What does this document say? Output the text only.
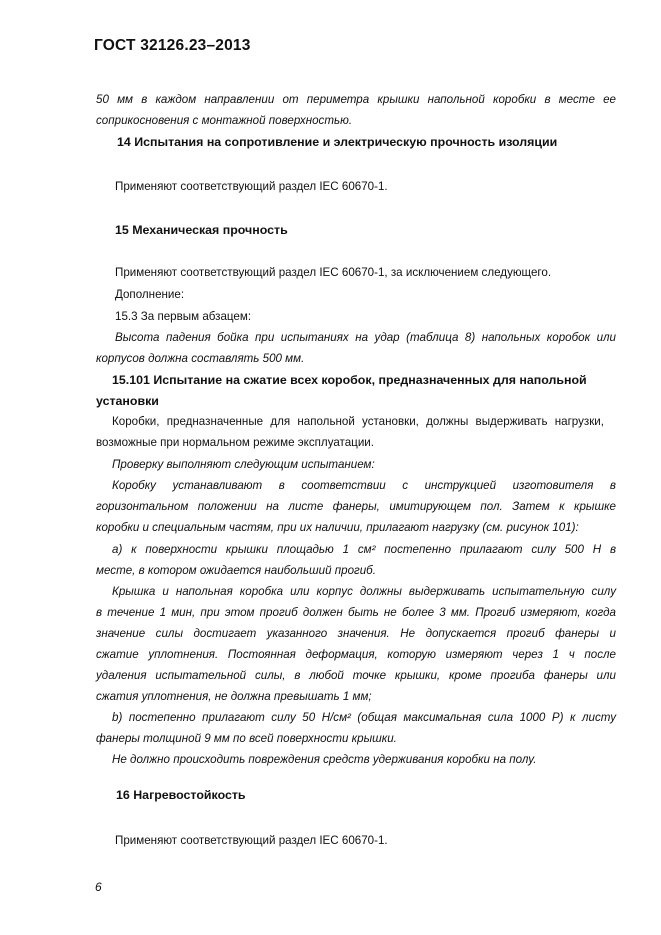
ГОСТ 32126.23–2013
50 мм в каждом направлении от периметра крышки напольной коробки в месте ее
соприкосновения с монтажной поверхностью.
14 Испытания на сопротивление и электрическую прочность изоляции
Применяют соответствующий раздел IEC 60670-1.
15 Механическая прочность
Применяют соответствующий раздел IEC 60670-1, за исключением следующего.
Дополнение:
15.3 За первым абзацем:
Высота падения бойка при испытаниях на удар (таблица 8) напольных коробок или
корпусов должна составлять 500 мм.
15.101 Испытание на сжатие всех коробок, предназначенных для напольной
установки
Коробки, предназначенные для напольной установки, должны выдерживать нагрузки,
возможные при нормальном режиме эксплуатации.
Проверку выполняют следующим испытанием:
Коробку устанавливают в соответствии с инструкцией изготовителя в
горизонтальном положении на листе фанеры, имитирующем пол. Затем к крышке
коробки и специальным частям, при их наличии, прилагают нагрузку (см. рисунок 101):
а) к поверхности крышки площадью 1 см² постепенно прилагают силу 500 Н в
месте, в котором ожидается наибольший прогиб.
Крышка и напольная коробка или корпус должны выдерживать испытательную силу
в течение 1 мин, при этом прогиб должен быть не более 3 мм. Прогиб измеряют, когда
значение силы достигает указанного значения. Не допускается прогиб фанеры и
сжатие уплотнения. Постоянная деформация, которую измеряют через 1 ч после
удаления испытательной силы, в любой точке крышки, кроме прогиба фанеры или
сжатия уплотнения, не должна превышать 1 мм;
b) постепенно прилагают силу 50 Н/см² (общая максимальная сила 1000 Р) к листу
фанеры толщиной 9 мм по всей поверхности крышки.
Не должно происходить повреждения средств удерживания коробки на полу.
16 Нагревостойкость
Применяют соответствующий раздел IEC 60670-1.
6
